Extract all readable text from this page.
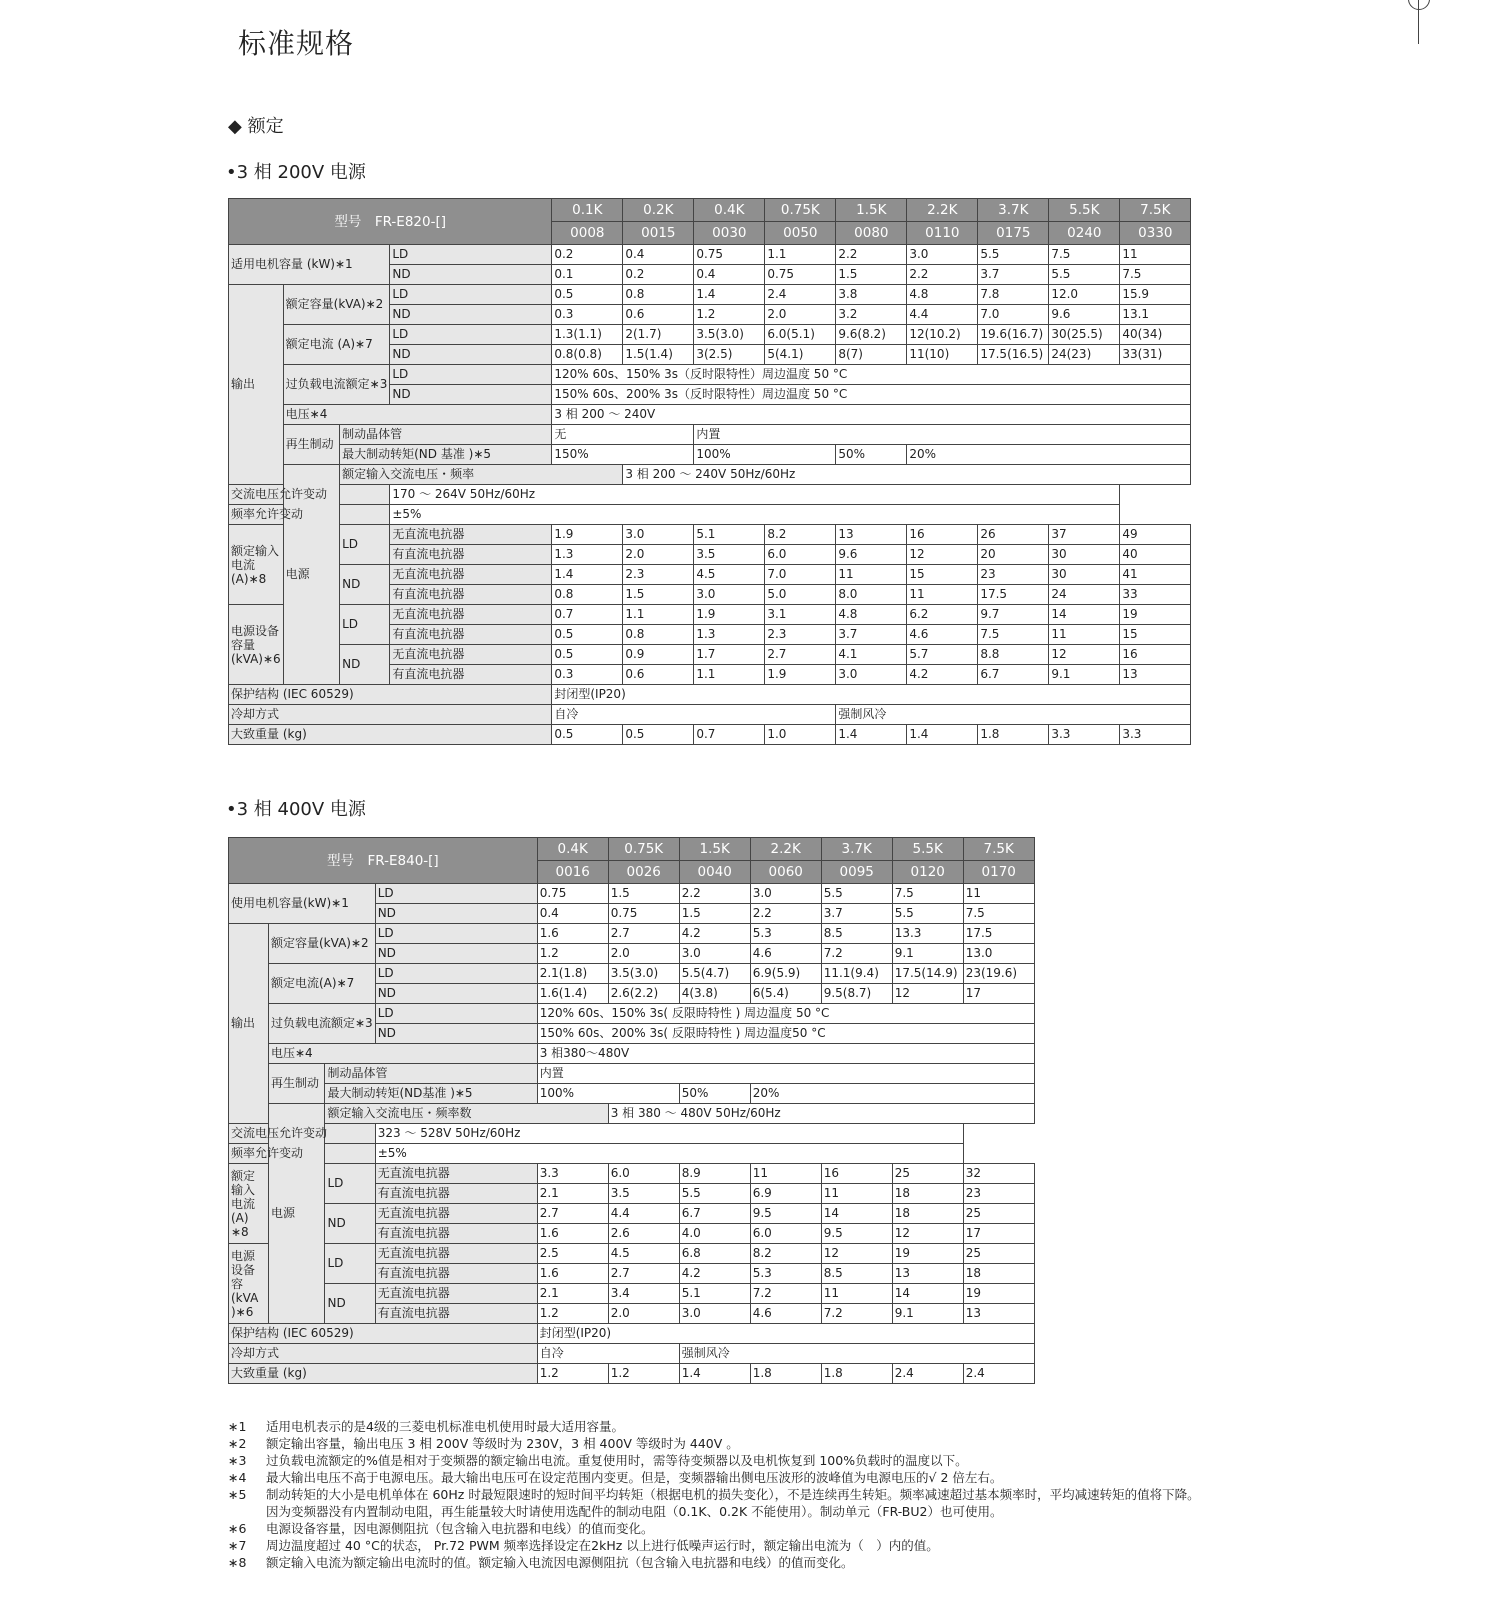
标准规格
◆ 额定
•3 相 200V 电源
型号　FR-E820-[]				0.1K	0.2K	0.4K	0.75K	1.5K	2.2K	3.7K	5.5K	7.5K
				0008	0015	0030	0050	0080	0110	0175	0240	0330
适用电机容量 (kW)∗1			LD	0.2	0.4	0.75	1.1	2.2	3.0	5.5	7.5	11
			ND	0.1	0.2	0.4	0.75	1.5	2.2	3.7	5.5	7.5
输出	额定容量(kVA)∗2		LD	0.5	0.8	1.4	2.4	3.8	4.8	7.8	12.0	15.9
			ND	0.3	0.6	1.2	2.0	3.2	4.4	7.0	9.6	13.1
	额定电流 (A)∗7		LD	1.3(1.1)	2(1.7)	3.5(3.0)	6.0(5.1)	9.6(8.2)	12(10.2)	19.6(16.7)	30(25.5)	40(34)
			ND	0.8(0.8)	1.5(1.4)	3(2.5)	5(4.1)	8(7)	11(10)	17.5(16.5)	24(23)	33(31)
	过负载电流额定∗3		LD	120% 60s、150% 3s（反时限特性）周边温度 50 °C								
			ND	150% 60s、200% 3s（反时限特性）周边温度 50 °C								
	电压∗4			3 相 200 ～ 240V								
	再生制动	制动晶体管		无		内置						
		最大制动转矩(ND 基准 )∗5		150%		100%		50%	20%			
	电源	额定输入交流电压・频率			3 相 200 ～ 240V 50Hz/60Hz							
交流电压允许变动			170 ～ 264V 50Hz/60Hz									
频率允许变动			±5%									
额定输入电流 (A)∗8		LD	无直流电抗器	1.9	3.0	5.1	8.2	13	16	26	37	49
			有直流电抗器	1.3	2.0	3.5	6.0	9.6	12	20	30	40
		ND	无直流电抗器	1.4	2.3	4.5	7.0	11	15	23	30	41
			有直流电抗器	0.8	1.5	3.0	5.0	8.0	11	17.5	24	33
电源设备容量 (kVA)∗6		LD	无直流电抗器	0.7	1.1	1.9	3.1	4.8	6.2	9.7	14	19
			有直流电抗器	0.5	0.8	1.3	2.3	3.7	4.6	7.5	11	15
		ND	无直流电抗器	0.5	0.9	1.7	2.7	4.1	5.7	8.8	12	16
			有直流电抗器	0.3	0.6	1.1	1.9	3.0	4.2	6.7	9.1	13
保护结构 (IEC 60529)				封闭型(IP20)								
冷却方式				自冷				强制风冷				
大致重量 (kg)				0.5	0.5	0.7	1.0	1.4	1.4	1.8	3.3	3.3
•3 相 400V 电源
型号　FR-E840-[]				0.4K	0.75K	1.5K	2.2K	3.7K	5.5K	7.5K
				0016	0026	0040	0060	0095	0120	0170
使用电机容量(kW)∗1			LD	0.75	1.5	2.2	3.0	5.5	7.5	11
			ND	0.4	0.75	1.5	2.2	3.7	5.5	7.5
输出	额定容量(kVA)∗2		LD	1.6	2.7	4.2	5.3	8.5	13.3	17.5
			ND	1.2	2.0	3.0	4.6	7.2	9.1	13.0
	额定电流(A)∗7		LD	2.1(1.8)	3.5(3.0)	5.5(4.7)	6.9(5.9)	11.1(9.4)	17.5(14.9)	23(19.6)
			ND	1.6(1.4)	2.6(2.2)	4(3.8)	6(5.4)	9.5(8.7)	12	17
	过负载电流额定∗3		LD	120% 60s、150% 3s( 反限時特性 ) 周边温度 50 °C						
			ND	150% 60s、200% 3s( 反限時特性 ) 周边温度50 °C						
	电压∗4			3 相380～480V						
	再生制动	制动晶体管		内置						
		最大制动转矩(ND基准 )∗5		100%		50%	20%			
	电源	额定输入交流电压・频率数			3 相 380 ～ 480V 50Hz/60Hz					
交流电压允许变动			323 ～ 528V 50Hz/60Hz							
频率允许变动			±5%							
额定输入电流 (A) ∗8		LD	无直流电抗器	3.3	6.0	8.9	11	16	25	32
			有直流电抗器	2.1	3.5	5.5	6.9	11	18	23
		ND	无直流电抗器	2.7	4.4	6.7	9.5	14	18	25
			有直流电抗器	1.6	2.6	4.0	6.0	9.5	12	17
电源设备容 (kVA )∗6		LD	无直流电抗器	2.5	4.5	6.8	8.2	12	19	25
			有直流电抗器	1.6	2.7	4.2	5.3	8.5	13	18
		ND	无直流电抗器	2.1	3.4	5.1	7.2	11	14	19
			有直流电抗器	1.2	2.0	3.0	4.6	7.2	9.1	13
保护结构 (IEC 60529)				封闭型(IP20)						
冷却方式				自冷		强制风冷				
大致重量 (kg)				1.2	1.2	1.4	1.8	1.8	2.4	2.4
∗1 适用电机表示的是4级的三菱电机标准电机使用时最大适用容量。
∗2 额定输出容量，输出电压 3 相 200V 等级时为 230V，3 相 400V 等级时为 440V 。
∗3 过负载电流额定的%值是相对于变频器的额定输出电流。重复使用时，需等待变频器以及电机恢复到 100%负载时的温度以下。
∗4 最大输出电压不高于电源电压。最大输出电压可在设定范围内变更。但是，变频器输出侧电压波形的波峰值为电源电压的√ 2 倍左右。
∗5 制动转矩的大小是电机单体在 60Hz 时最短限速时的短时间平均转矩（根据电机的损失变化），不是连续再生转矩。频率减速超过基本频率时，平均减速转矩的值将下降。
因为变频器没有内置制动电阻，再生能量较大时请使用选配件的制动电阻（0.1K、0.2K 不能使用）。制动单元（FR-BU2）也可使用。
∗6 电源设备容量，因电源侧阻抗（包含输入电抗器和电线）的值而变化。
∗7 周边温度超过 40 °C的状态， Pr.72 PWM 频率选择设定在2kHz 以上进行低噪声运行时，额定输出电流为（　）内的值。
∗8 额定输入电流为额定输出电流时的值。额定输入电流因电源侧阻抗（包含输入电抗器和电线）的值而变化。
